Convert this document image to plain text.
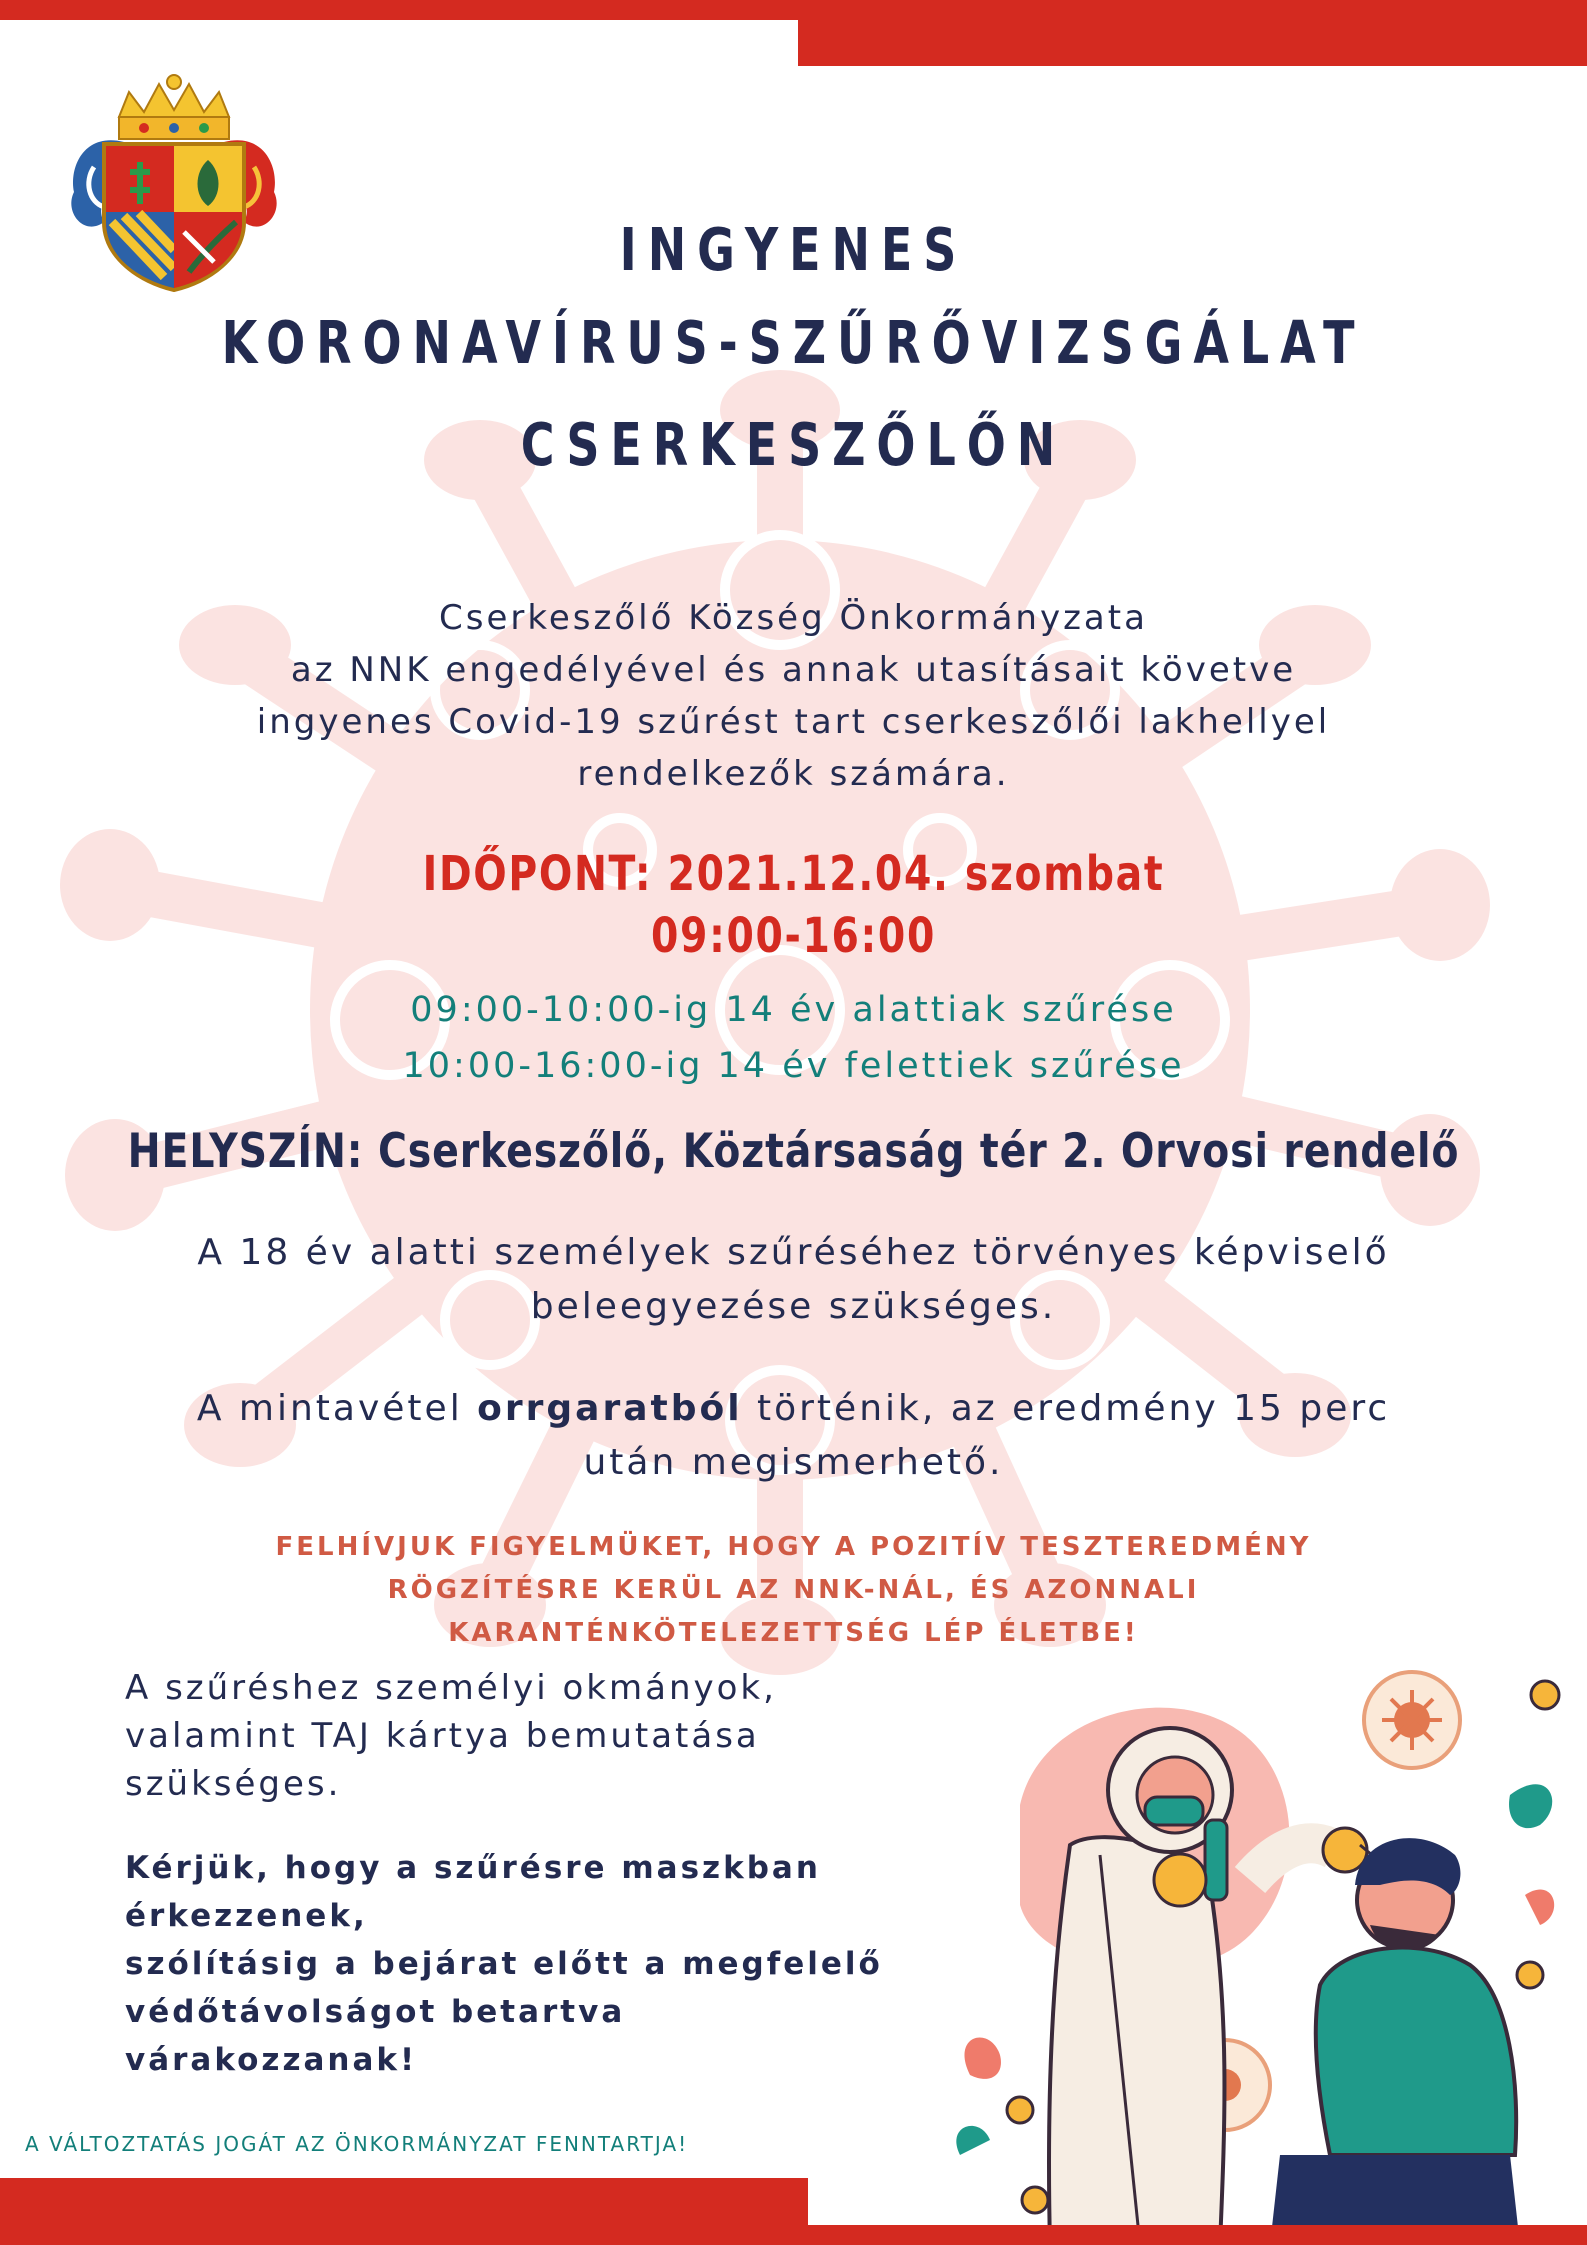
INGYENES
KORONAVÍRUS-SZŰRŐVIZSGÁLAT
CSERKESZŐLŐN
Cserkeszőlő Község Önkormányzata
az NNK engedélyével és annak utasításait követve
ingyenes Covid-19 szűrést tart cserkeszőlői lakhellyel
rendelkezők számára.
IDŐPONT: 2021.12.04. szombat
09:00-16:00
09:00-10:00-ig 14 év alattiak szűrése
10:00-16:00-ig 14 év felettiek szűrése
HELYSZÍN: Cserkeszőlő, Köztársaság tér 2. Orvosi rendelő
A 18 év alatti személyek szűréséhez törvényes képviselő
beleegyezése szükséges.
A mintavétel orrgaratból történik, az eredmény 15 perc
után megismerhető.
FELHÍVJUK FIGYELMÜKET, HOGY A POZITÍV TESZTEREDMÉNY
RÖGZÍTÉSRE KERÜL AZ NNK-NÁL, ÉS AZONNALI
KARANTÉNKÖTELEZETTSÉG LÉP ÉLETBE!
A szűréshez személyi okmányok,
valamint TAJ kártya bemutatása
szükséges.
Kérjük, hogy a szűrésre maszkban
érkezzenek,
szólításig a bejárat előtt a megfelelő
védőtávolságot betartva
várakozzanak!
A VÁLTOZTATÁS JOGÁT AZ ÖNKORMÁNYZAT FENNTARTJA!
